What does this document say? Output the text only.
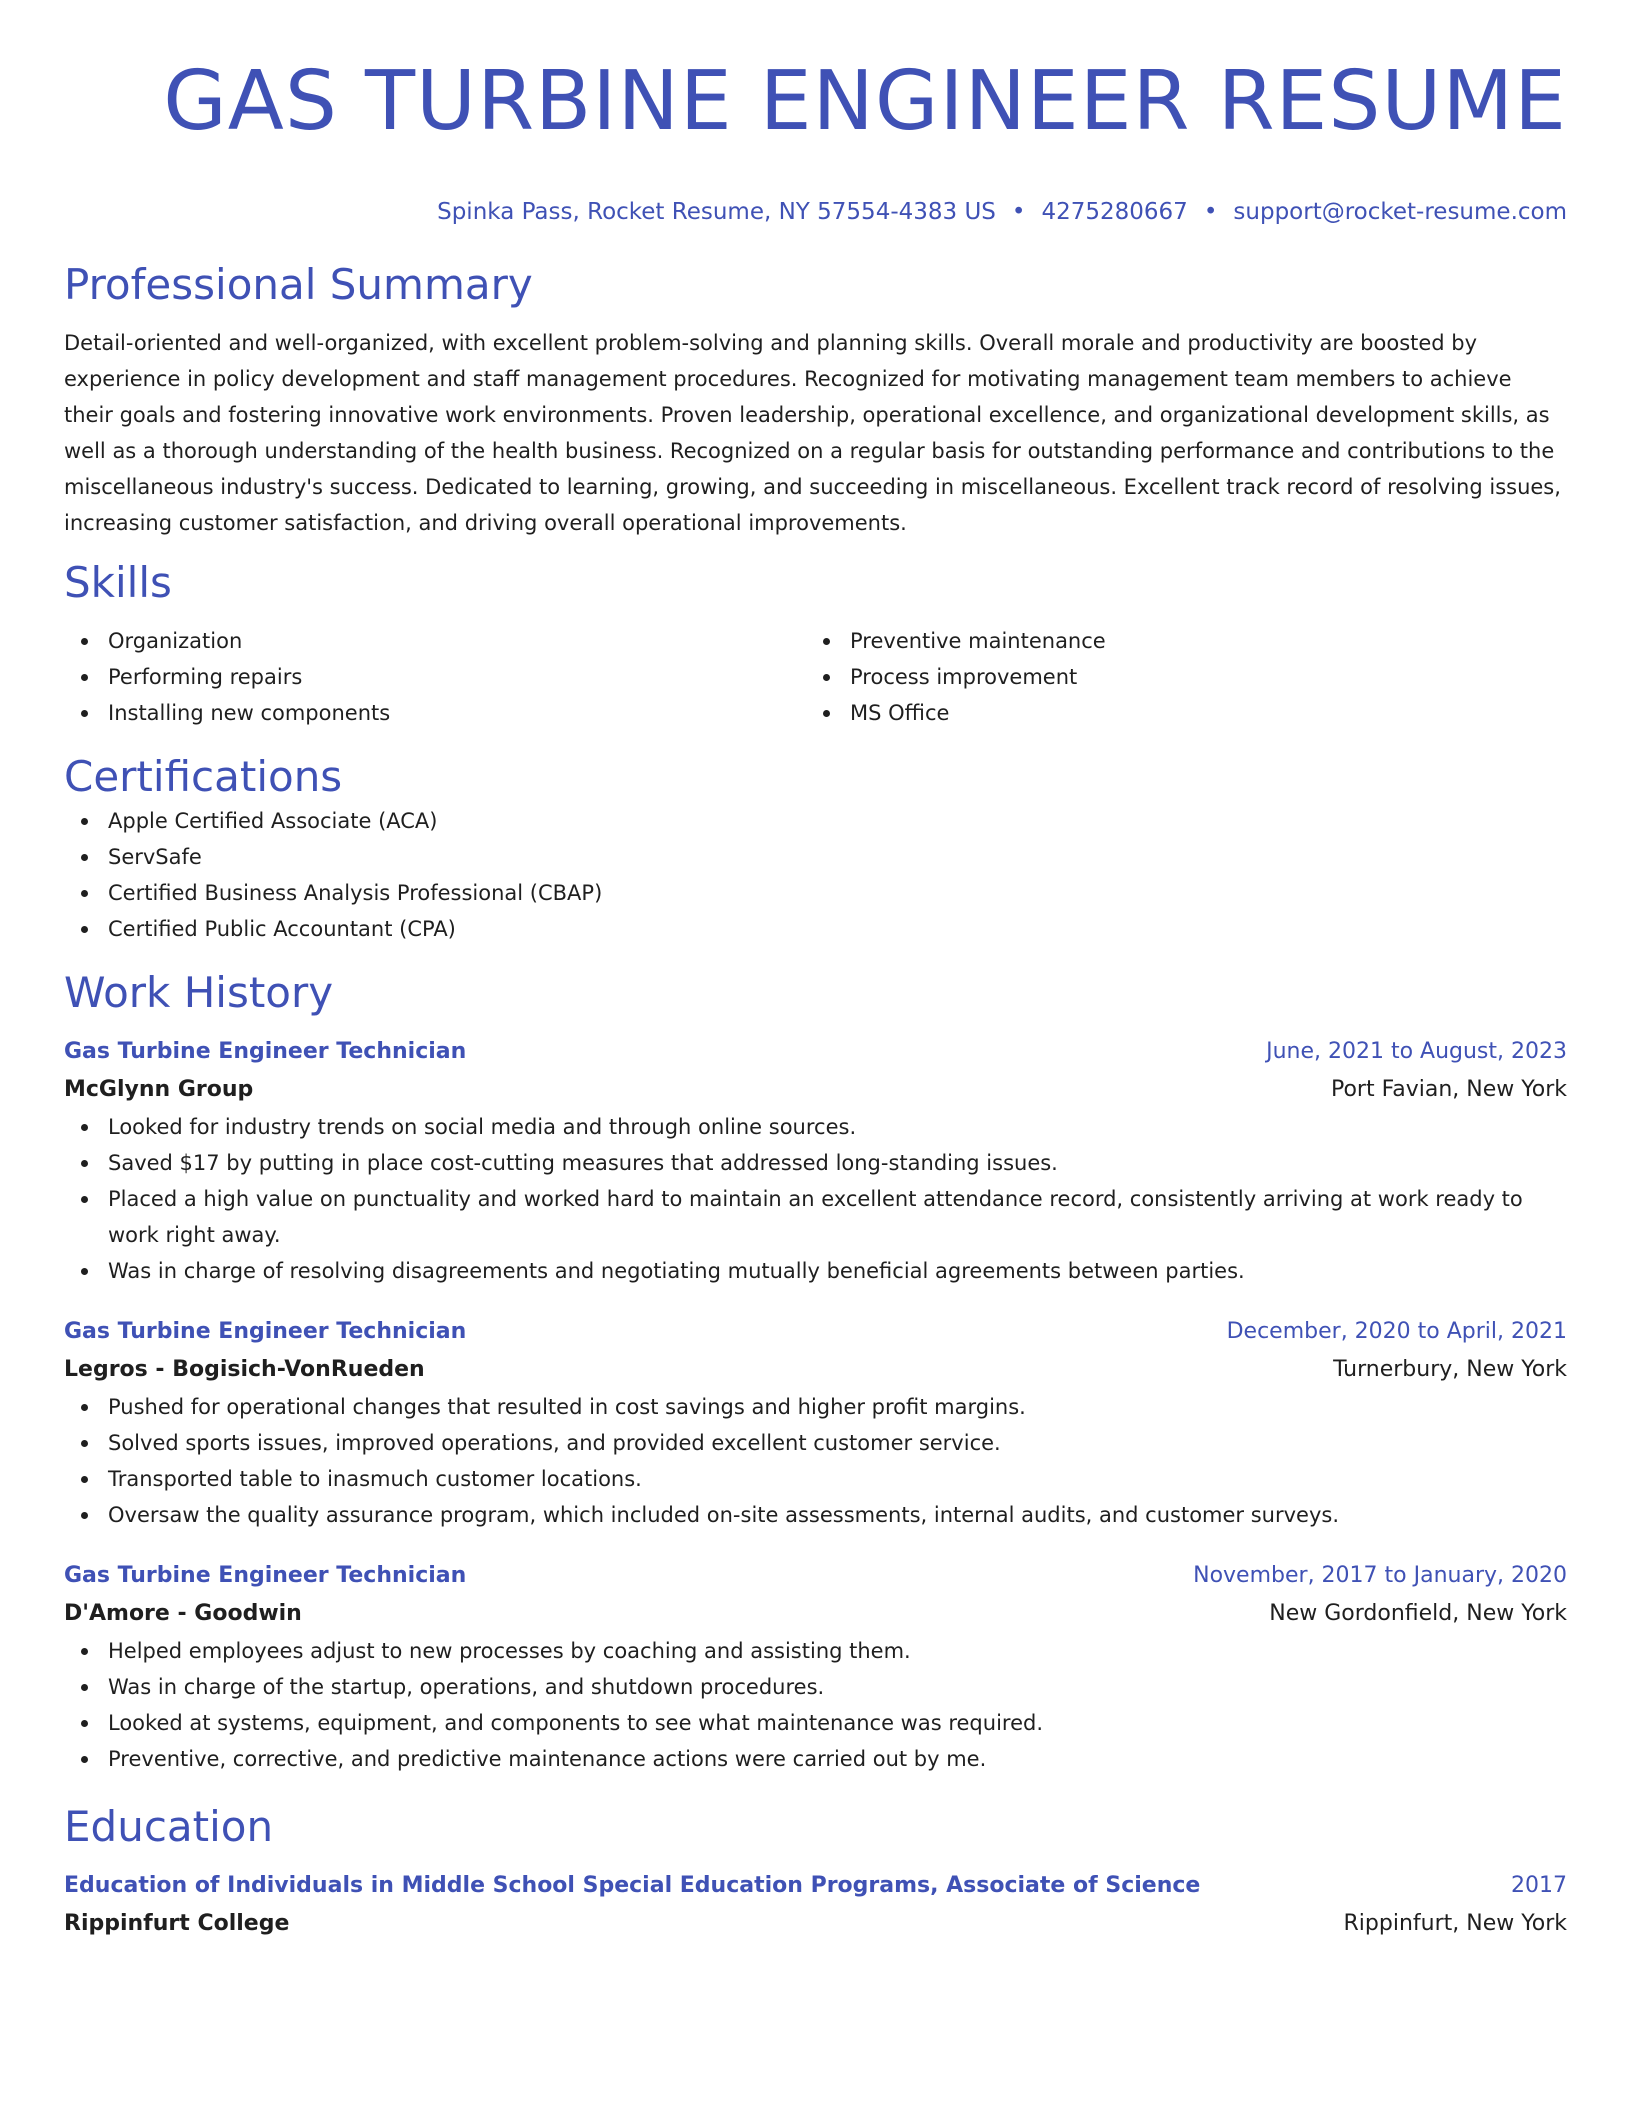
GAS TURBINE ENGINEER RESUME
Spinka Pass, Rocket Resume, NY 57554-4383 US • 4275280667 • support@rocket-resume.com
Professional Summary

Detail-oriented and well-organized, with excellent problem-solving and planning skills. Overall morale and productivity are boosted by experience in policy development and staff management procedures. Recognized for motivating management team members to achieve their goals and fostering innovative work environments. Proven leadership, operational excellence, and organizational development skills, as well as a thorough understanding of the health business. Recognized on a regular basis for outstanding performance and contributions to the miscellaneous industry's success. Dedicated to learning, growing, and succeeding in miscellaneous. Excellent track record of resolving issues, increasing customer satisfaction, and driving overall operational improvements.

Skills
Organization
Performing repairs
Installing new components
Preventive maintenance
Process improvement
MS Office
Certifications
Apple Certified Associate (ACA)
ServSafe
Certified Business Analysis Professional (CBAP)
Certified Public Accountant (CPA)
Work History
Gas Turbine Engineer Technician	June, 2021 to August, 2023
McGlynn Group	Port Favian, New York
Looked for industry trends on social media and through online sources.
Saved $17 by putting in place cost-cutting measures that addressed long-standing issues.
Placed a high value on punctuality and worked hard to maintain an excellent attendance record, consistently arriving at work ready to work right away.
Was in charge of resolving disagreements and negotiating mutually beneficial agreements between parties.
Gas Turbine Engineer Technician	December, 2020 to April, 2021
Legros - Bogisich-VonRueden	Turnerbury, New York
Pushed for operational changes that resulted in cost savings and higher profit margins.
Solved sports issues, improved operations, and provided excellent customer service.
Transported table to inasmuch customer locations.
Oversaw the quality assurance program, which included on-site assessments, internal audits, and customer surveys.
Gas Turbine Engineer Technician	November, 2017 to January, 2020
D'Amore - Goodwin	New Gordonfield, New York
Helped employees adjust to new processes by coaching and assisting them.
Was in charge of the startup, operations, and shutdown procedures.
Looked at systems, equipment, and components to see what maintenance was required.
Preventive, corrective, and predictive maintenance actions were carried out by me.
Education
Education of Individuals in Middle School Special Education Programs, Associate of Science	2017
Rippinfurt College	Rippinfurt, New York
